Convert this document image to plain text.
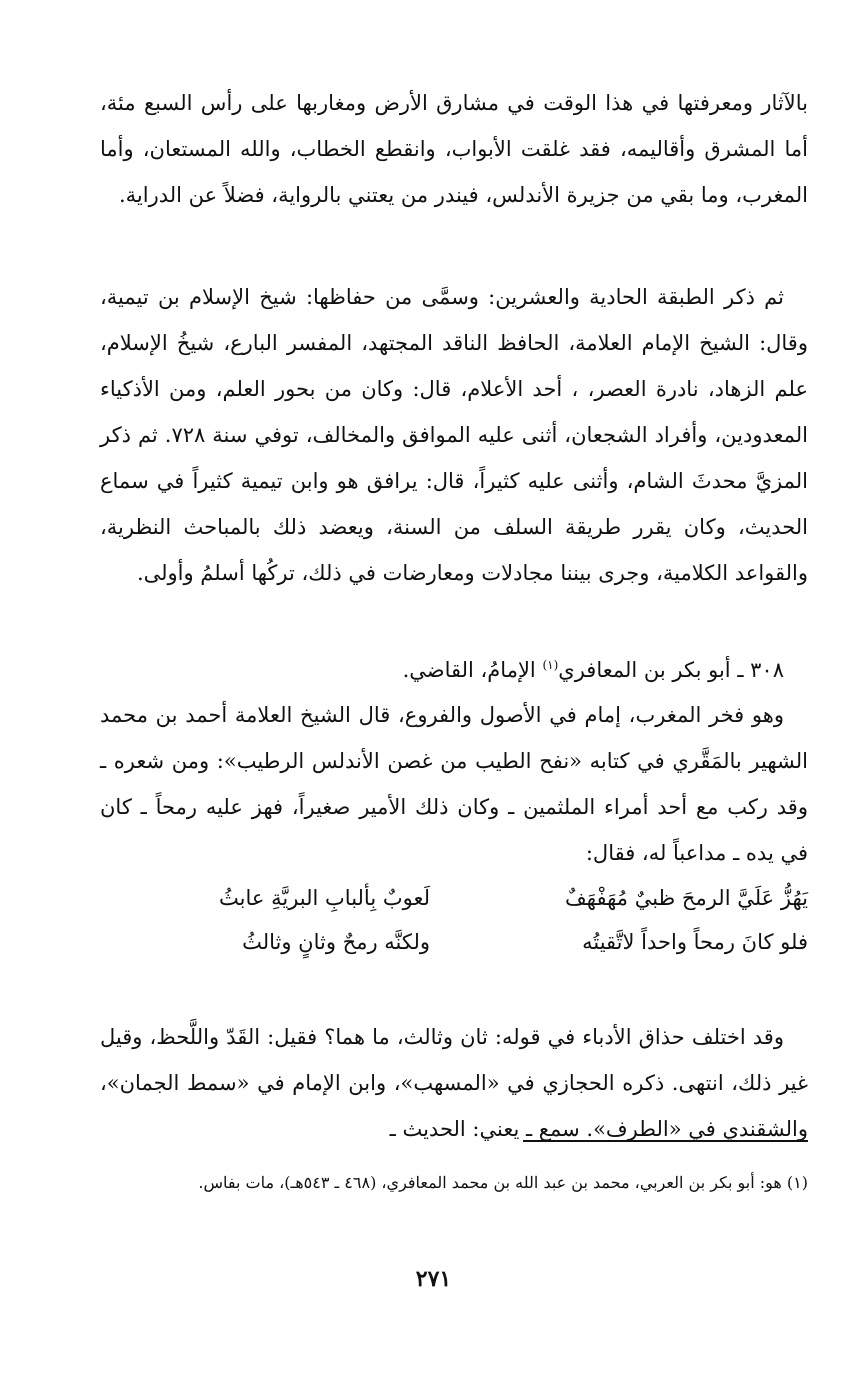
بالآثار ومعرفتها في هذا الوقت في مشارق الأرض ومغاربها على رأس السبع مئة، أما المشرق وأقاليمه، فقد غلقت الأبواب، وانقطع الخطاب، والله المستعان، وأما المغرب، وما بقي من جزيرة الأندلس، فيندر من يعتني بالرواية، فضلاً عن الدراية.

ثم ذكر الطبقة الحادية والعشرين: وسمَّى من حفاظها: شيخ الإسلام بن تيمية، وقال: الشيخ الإمام العلامة، الحافظ الناقد المجتهد، المفسر البارع، شيخُ الإسلام، علم الزهاد، نادرة العصر، ، أحد الأعلام، قال: وكان من بحور العلم، ومن الأذكياء المعدودين، وأفراد الشجعان، أثنى عليه الموافق والمخالف، توفي سنة ٧٢٨. ثم ذكر المزيَّ محدثَ الشام، وأثنى عليه كثيراً، قال: يرافق هو وابن تيمية كثيراً في سماع الحديث، وكان يقرر طريقة السلف من السنة، ويعضد ذلك بالمباحث النظرية، والقواعد الكلامية، وجرى بيننا مجادلات ومعارضات في ذلك، تركُها أسلمُ وأولى.

٣٠٨ ـ أبو بكر بن المعافري$^{(١)}$ الإمامُ، القاضي.

وهو فخر المغرب، إمام في الأصول والفروع، قال الشيخ العلامة أحمد بن محمد الشهير بالمَقَّري في كتابه «نفح الطيب من غصن الأندلس الرطيب»: ومن شعره ـ وقد ركب مع أحد أمراء الملثمين ـ وكان ذلك الأمير صغيراً، فهز عليه رمحاً ـ كان في يده ـ مداعباً له، فقال:

يَهُزُّ عَلَيَّ الرمحَ ظبيٌ مُهَفْهَفٌ
لَعوبٌ بِألبابِ البريَّةِ عابثُ
فلو كانَ رمحاً واحداً لاتَّقيتُه
ولكنَّه رمحٌ وثانٍ وثالثُ

وقد اختلف حذاق الأدباء في قوله: ثان وثالث، ما هما؟ فقيل: القَدّ واللَّحظ، وقيل غير ذلك، انتهى. ذكره الحجازي في «المسهب»، وابن الإمام في «سمط الجمان»، والشقندي في «الطرف». سمع ـ يعني: الحديث ـ

(١) هو: أبو بكر بن العربي، محمد بن عبد الله بن محمد المعافري، (٤٦٨ ـ ٥٤٣هـ)، مات بفاس.

٢٧١
